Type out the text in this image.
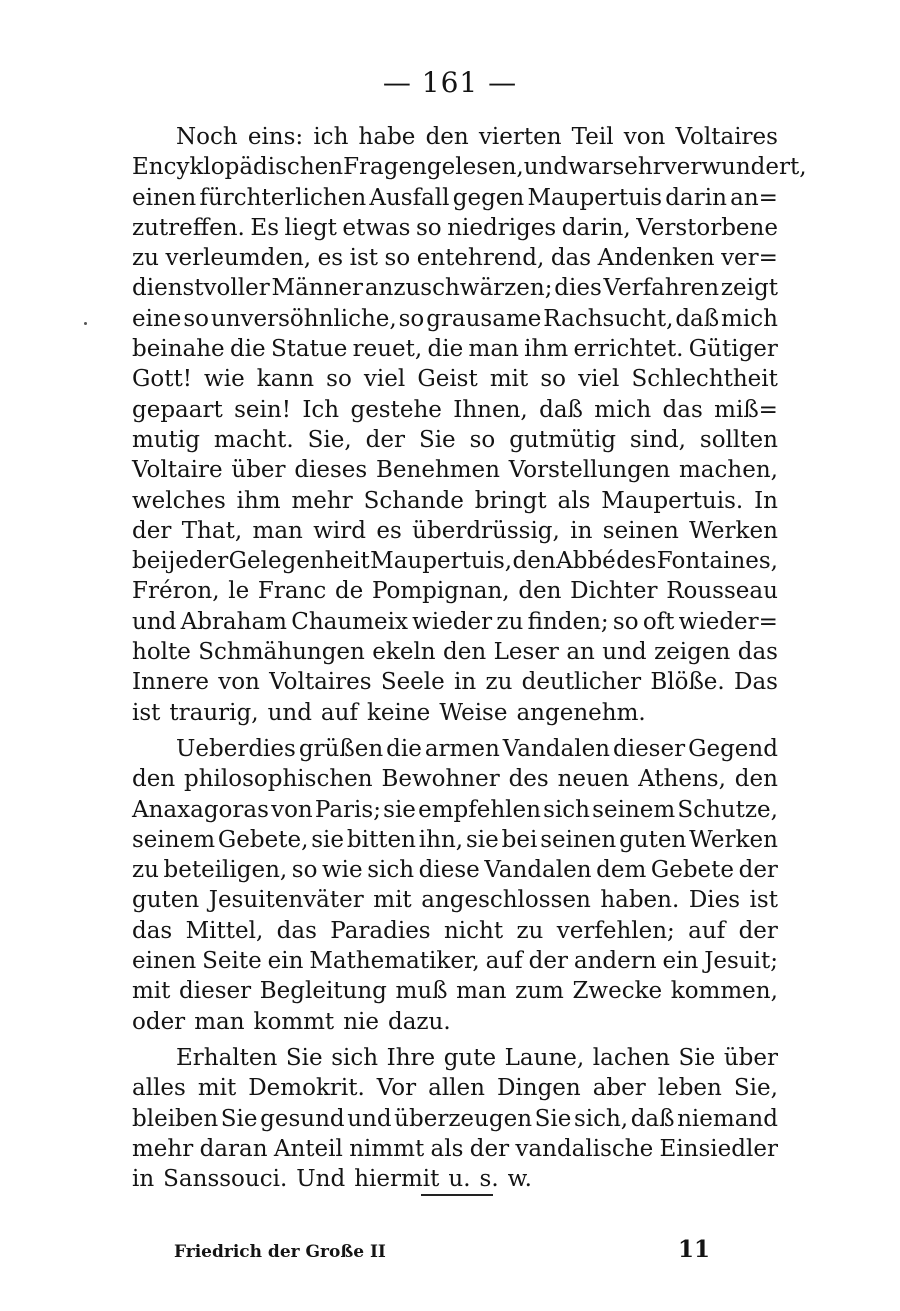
— 161 —
Noch eins: ich habe den vierten Teil von Voltaires
Encyklopädischen Fragen gelesen, und war sehr verwundert,
einen fürchterlichen Ausfall gegen Maupertuis darin an=
zutreffen. Es liegt etwas so niedriges darin, Verstorbene
zu verleumden, es ist so entehrend, das Andenken ver=
dienstvoller Männer anzuschwärzen; dies Verfahren zeigt
eine so unversöhnliche, so grausame Rachsucht, daß mich
beinahe die Statue reuet, die man ihm errichtet. Gütiger
Gott! wie kann so viel Geist mit so viel Schlechtheit
gepaart sein! Ich gestehe Ihnen, daß mich das miß=
mutig macht. Sie, der Sie so gutmütig sind, sollten
Voltaire über dieses Benehmen Vorstellungen machen,
welches ihm mehr Schande bringt als Maupertuis. In
der That, man wird es überdrüssig, in seinen Werken
bei jeder Gelegenheit Maupertuis, den Abbé des Fontaines,
Fréron, le Franc de Pompignan, den Dichter Rousseau
und Abraham Chaumeix wieder zu finden; so oft wieder=
holte Schmähungen ekeln den Leser an und zeigen das
Innere von Voltaires Seele in zu deutlicher Blöße. Das
ist traurig, und auf keine Weise angenehm.
Ueberdies grüßen die armen Vandalen dieser Gegend
den philosophischen Bewohner des neuen Athens, den
Anaxagoras von Paris; sie empfehlen sich seinem Schutze,
seinem Gebete, sie bitten ihn, sie bei seinen guten Werken
zu beteiligen, so wie sich diese Vandalen dem Gebete der
guten Jesuitenväter mit angeschlossen haben. Dies ist
das Mittel, das Paradies nicht zu verfehlen; auf der
einen Seite ein Mathematiker, auf der andern ein Jesuit;
mit dieser Begleitung muß man zum Zwecke kommen,
oder man kommt nie dazu.
Erhalten Sie sich Ihre gute Laune, lachen Sie über
alles mit Demokrit. Vor allen Dingen aber leben Sie,
bleiben Sie gesund und überzeugen Sie sich, daß niemand
mehr daran Anteil nimmt als der vandalische Einsiedler
in Sanssouci. Und hiermit u. s. w.
Friedrich der Große II	11
